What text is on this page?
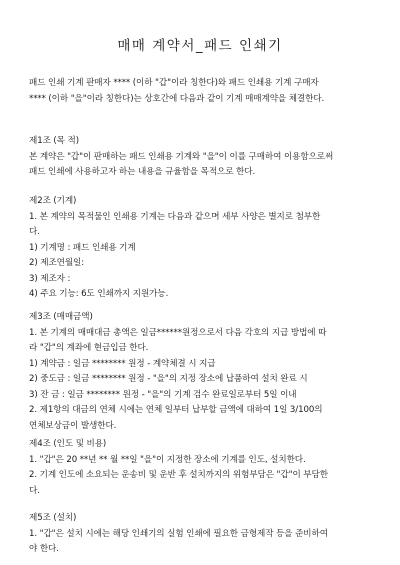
매매 계약서_패드 인쇄기
패드 인쇄 기계 판매자 **** (이하 "갑"이라 칭한다)와 패드 인쇄용 기계 구매자
**** (이하 "을"이라 칭한다)는 상호간에 다음과 같이 기계 매매계약을 체결한다.
제1조 (목 적)
본 계약은 "갑"이 판매하는 패드 인쇄용 기계와 "을"이 이를 구매하여 이용함으로써
패드 인쇄에 사용하고자 하는 내용을 규율함을 목적으로 한다.
제2조 (기계)
1. 본 계약의 목적물인 인쇄용 기계는 다음과 같으며 세부 사양은 별지로 첨부한
다.
1) 기계명 : 패드 인쇄용 기계
2) 제조연월일:
3) 제조자 :
4) 주요 기능: 6도 인쇄까지 지원가능.
제3조 (매매금액)
1. 본 기계의 매매대금 총액은 일금******원정으로서 다음 각호의 지급 방법에 따
라 "갑"의 계좌에 현금입금 한다.
1) 계약금 : 일금 ******** 원정 - 계약체결 시 지급
2) 중도금 : 일금 ******** 원정 - "을"의 지정 장소에 납품하여 설치 완료 시
3) 잔 금 : 일금 ******** 원정 - "을"의 기계 검수 완료일로부터 5일 이내
2. 제1항의 대금의 연체 시에는 연체 일부터 납부할 금액에 대하여 1일 3/100의
연체보상금이 발생한다.
제4조 (인도 및 비용)
1. "갑"은 20 **년 ** 월 **일 "을"이 지정한 장소에 기계를 인도, 설치한다.
2. 기계 인도에 소요되는 운송비 및 운반 후 설치까지의 위험부담은 "갑"이 부담한
다.
제5조 (설치)
1. "갑"은 설치 시에는 해당 인쇄기의 실험 인쇄에 필요한 금형제작 등을 준비하여
야 한다.
